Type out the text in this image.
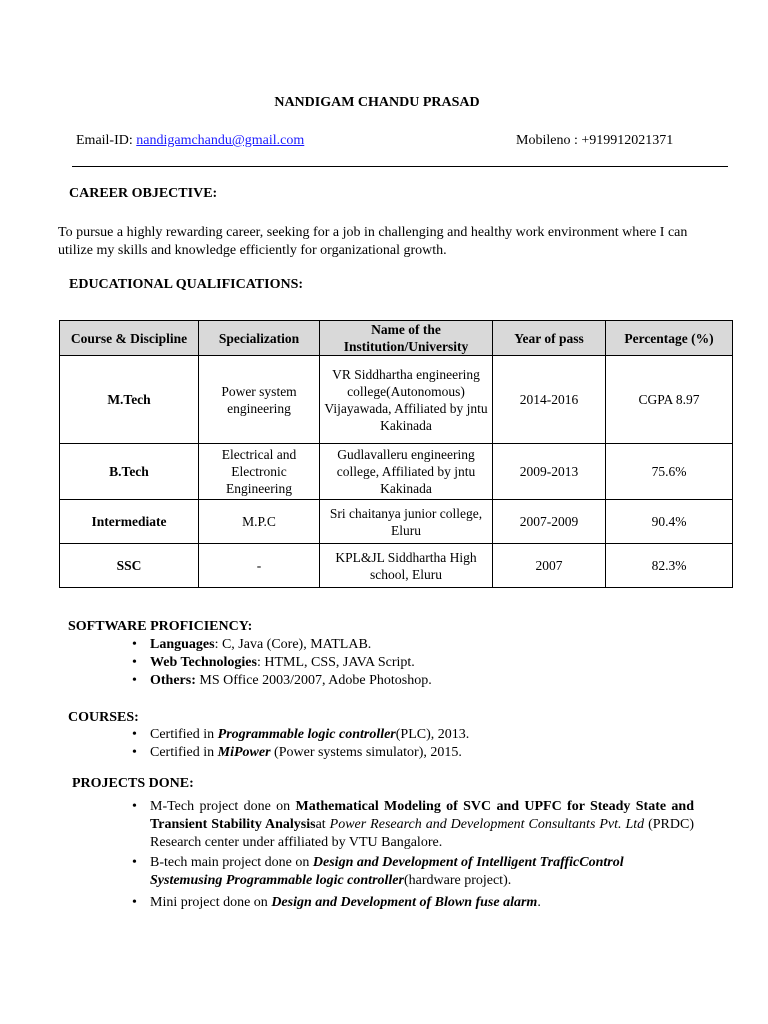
NANDIGAM CHANDU PRASAD
Email-ID: nandigamchandu@gmail.com	Mobileno : +919912021371
CAREER OBJECTIVE:
To pursue a highly rewarding career, seeking for a job in challenging and healthy work environment where I can utilize my skills and knowledge efficiently for organizational growth.
EDUCATIONAL QUALIFICATIONS:
Course & Discipline	Specialization	Name of the Institution/University	Year of pass	Percentage (%)
M.Tech	Power system engineering	VR Siddhartha engineering college(Autonomous) Vijayawada, Affiliated by jntu Kakinada	2014-2016	CGPA 8.97
B.Tech	Electrical and Electronic Engineering	Gudlavalleru engineering college, Affiliated by jntu Kakinada	2009-2013	75.6%
Intermediate	M.P.C	Sri chaitanya junior college, Eluru	2007-2009	90.4%
SSC	-	KPL&JL Siddhartha High school, Eluru	2007	82.3%
SOFTWARE PROFICIENCY:
• Languages: C, Java (Core), MATLAB.
• Web Technologies: HTML, CSS, JAVA Script.
• Others: MS Office 2003/2007, Adobe Photoshop.
COURSES:
• Certified in Programmable logic controller(PLC), 2013.
• Certified in MiPower (Power systems simulator), 2015.
PROJECTS DONE:
• M-Tech project done on Mathematical Modeling of SVC and UPFC for Steady State and Transient Stability Analysisat Power Research and Development Consultants Pvt. Ltd (PRDC) Research center under affiliated by VTU Bangalore.
• B-tech main project done on Design and Development of Intelligent TrafficControl Systemusing Programmable logic controller(hardware project).
• Mini project done on Design and Development of Blown fuse alarm.
